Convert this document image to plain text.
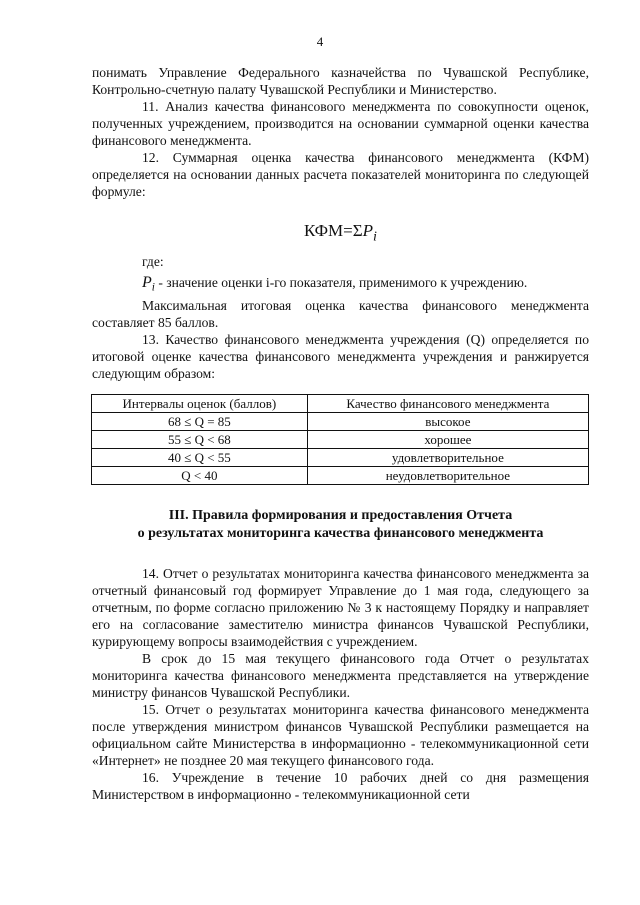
4

понимать Управление Федерального казначейства по Чувашской Республике, Контрольно-счетную палату Чувашской Республики и Министерство.

11. Анализ качества финансового менеджмента по совокупности оценок, полученных учреждением, производится на основании суммарной оценки качества финансового менеджмента.

12. Суммарная оценка качества финансового менеджмента (КФМ) определяется на основании данных расчета показателей мониторинга по следующей формуле:

$КФМ=\Sigma P_i$

где:

$P_i$ - значение оценки i-го показателя, применимого к учреждению.

Максимальная итоговая оценка качества финансового менеджмента составляет 85 баллов.

13. Качество финансового менеджмента учреждения (Q) определяется по итоговой оценке качества финансового менеджмента учреждения и ранжируется следующим образом:

Интервалы оценок (баллов)	Качество финансового менеджмента
68 ≤ Q = 85	высокое
55 ≤ Q < 68	хорошее
40 ≤ Q < 55	удовлетворительное
Q < 40	неудовлетворительное
III. Правила формирования и предоставления Отчета
о результатах мониторинга качества финансового менеджмента

14. Отчет о результатах мониторинга качества финансового менеджмента за отчетный финансовый год формирует Управление до 1 мая года, следующего за отчетным, по форме согласно приложению № 3 к настоящему Порядку и направляет его на согласование заместителю министра финансов Чувашской Республики, курирующему вопросы взаимодействия с учреждением.

В срок до 15 мая текущего финансового года Отчет о результатах мониторинга качества финансового менеджмента представляется на утверждение министру финансов Чувашской Республики.

15. Отчет о результатах мониторинга качества финансового менеджмента после утверждения министром финансов Чувашской Республики размещается на официальном сайте Министерства в информационно - телекоммуникационной сети «Интернет» не позднее 20 мая текущего финансового года.

16. Учреждение в течение 10 рабочих дней со дня размещения Министерством в информационно - телекоммуникационной сети
